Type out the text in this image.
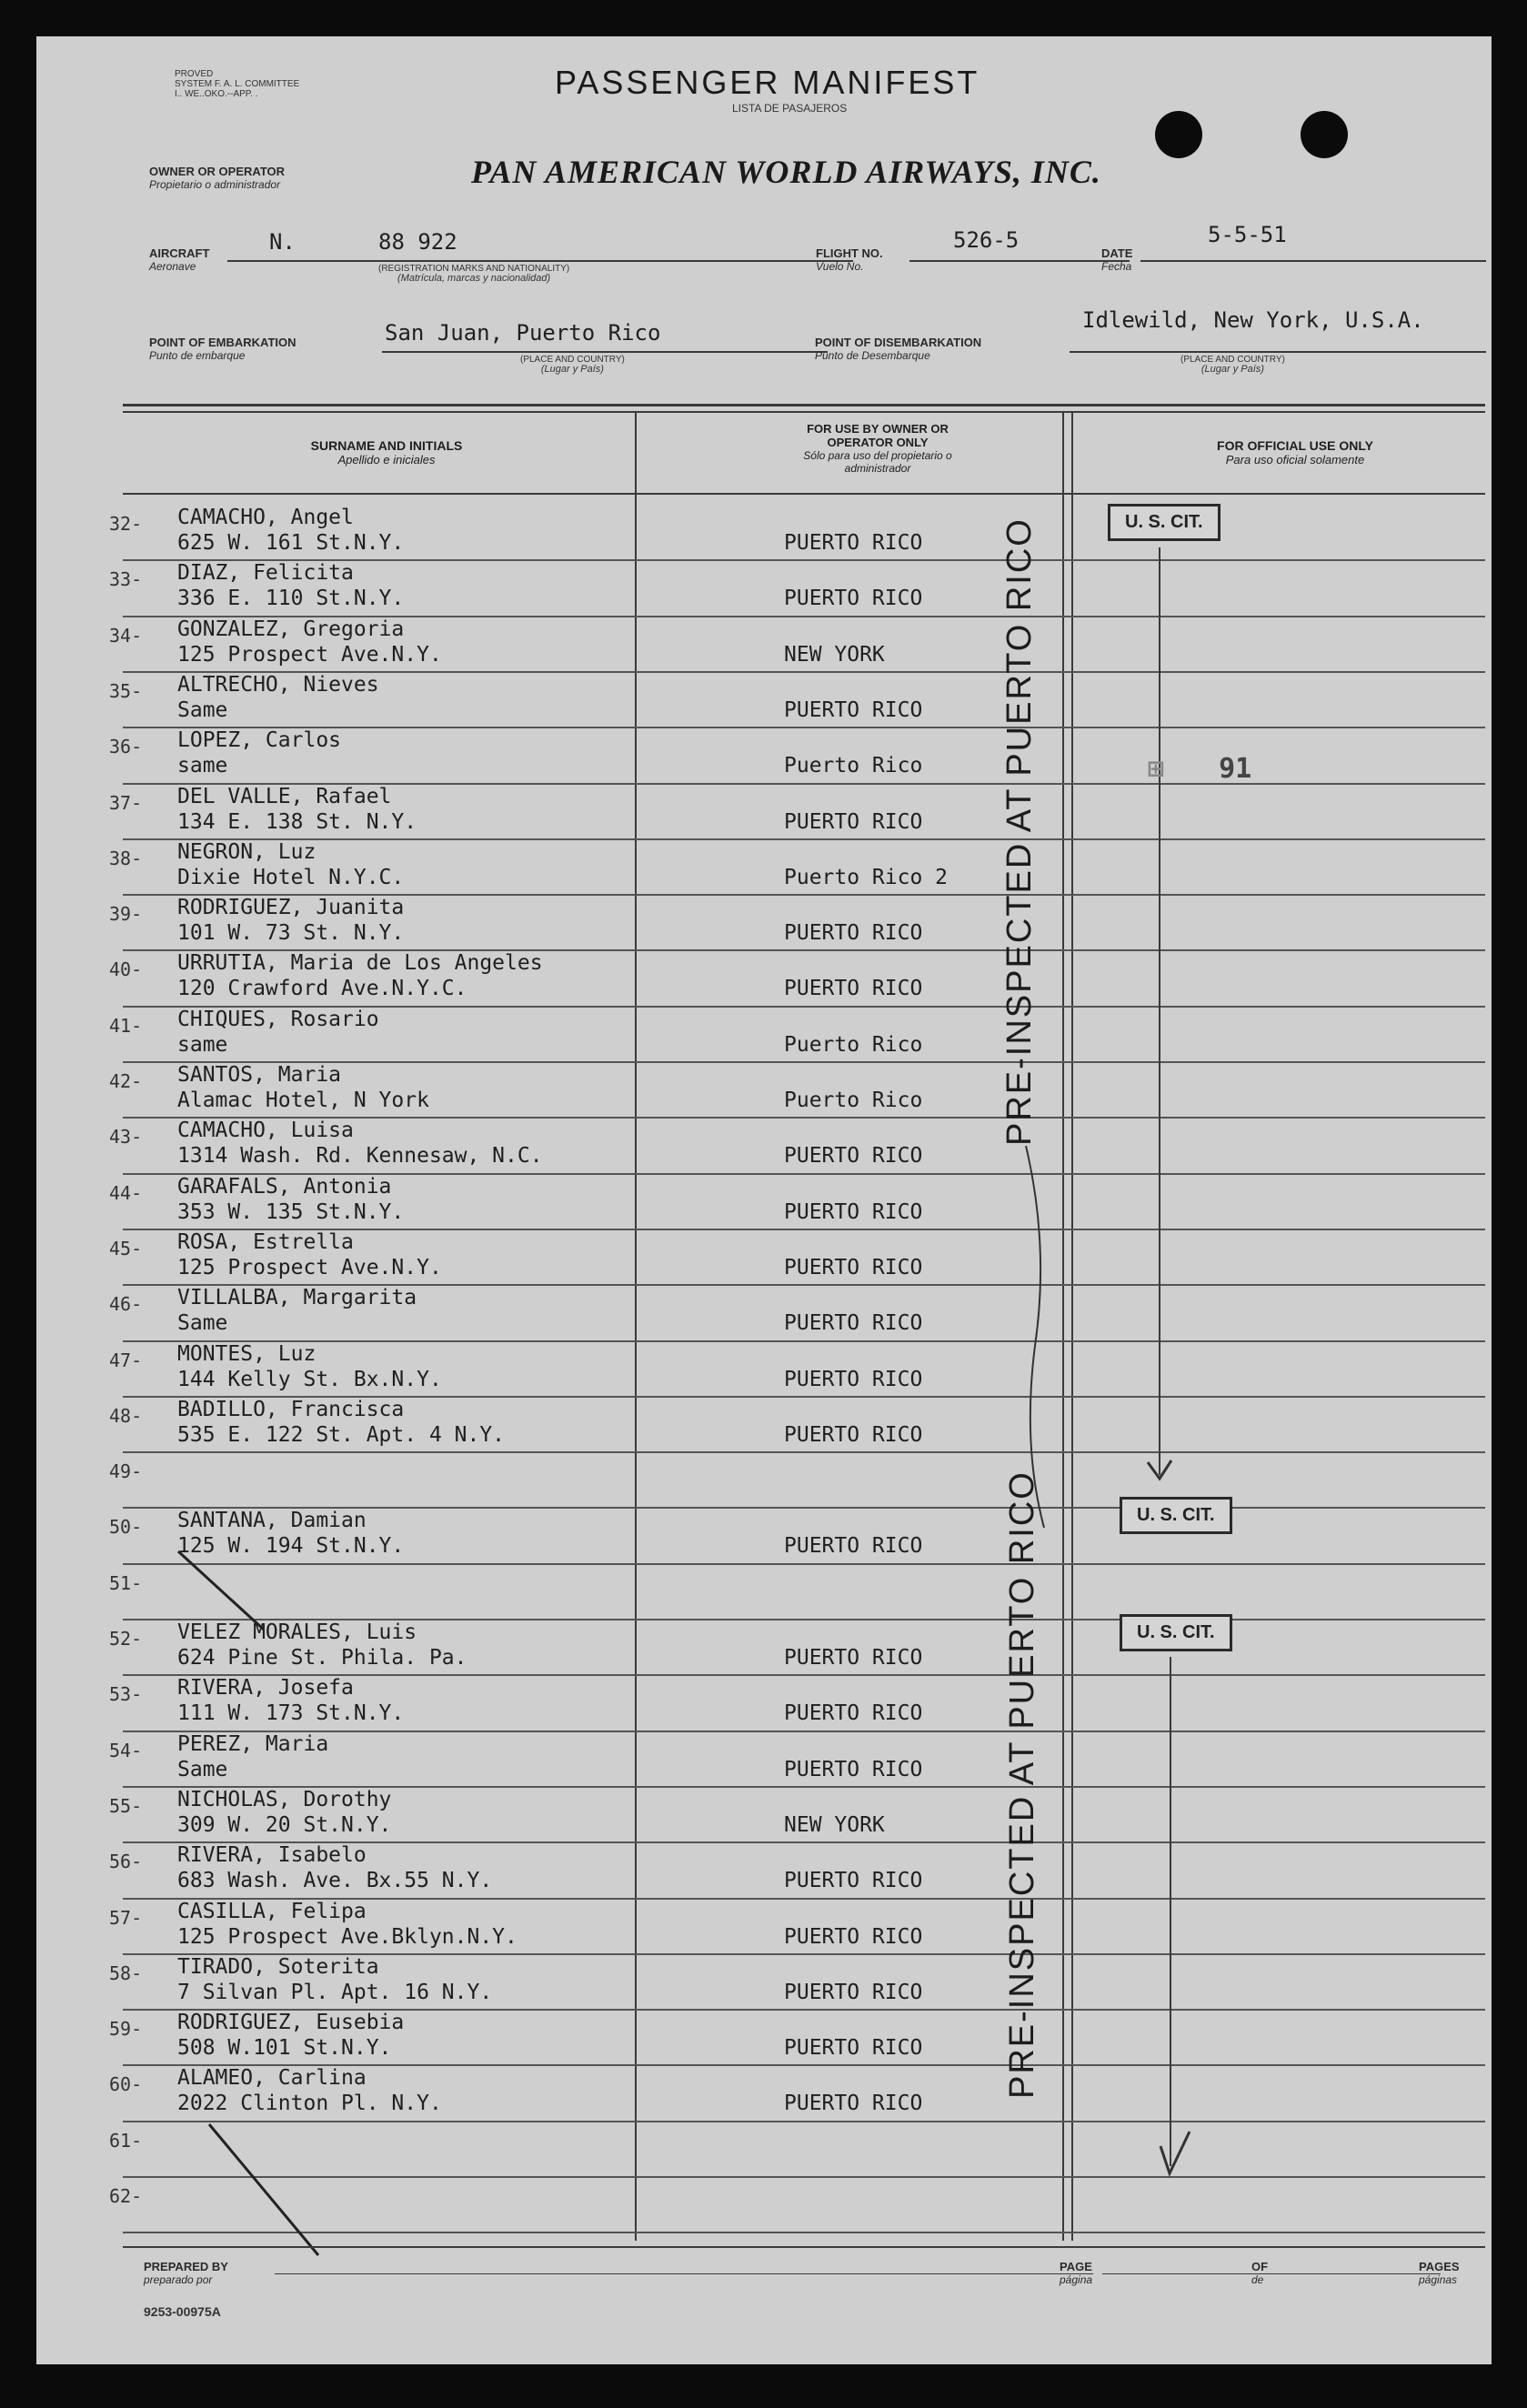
PROVED
SYSTEM F. A. L. COMMITTEE
I.. WE..OKO.--APP. .	PASSENGER MANIFEST
LISTA DE PASAJEROS
OWNER OR OPERATOR
Propietario o administrador	PAN AMERICAN WORLD AIRWAYS, INC.
AIRCRAFT
Aeronave
N.	88 922
(REGISTRATION MARKS AND NATIONALITY)
(Matrícula, marcas y nacionalidad)
FLIGHT NO.
Vuelo No.
526-5
DATE
Fecha
5-5-51
POINT OF EMBARKATION
Punto de embarque
San Juan, Puerto Rico
(PLACE AND COUNTRY)
(Lugar y País)
POINT OF DISEMBARKATION
Punto de Desembarque
Idlewild, New York, U.S.A.
(PLACE AND COUNTRY)
(Lugar y País)
SURNAME AND INITIALS
Apellido e iniciales
FOR USE BY OWNER OR OPERATOR ONLY
Sólo para uso del propietario o administrador
FOR OFFICIAL USE ONLY
Para uso oficial solamente
32-	CAMACHO, Angel
625 W. 161 St.N.Y.	PUERTO RICO
33-	DIAZ, Felicita
336 E. 110 St.N.Y.	PUERTO RICO
34-	GONZALEZ, Gregoria
125 Prospect Ave.N.Y.	NEW YORK
35-	ALTRECHO, Nieves
Same	PUERTO RICO
36-	LOPEZ, Carlos
same	Puerto Rico
37-	DEL VALLE, Rafael
134 E. 138 St. N.Y.	PUERTO RICO
38-	NEGRON, Luz
Dixie Hotel N.Y.C.	Puerto Rico 2
39-	RODRIGUEZ, Juanita
101 W. 73 St. N.Y.	PUERTO RICO
40-	URRUTIA, Maria de Los Angeles
120 Crawford Ave.N.Y.C.	PUERTO RICO
41-	CHIQUES, Rosario
same	Puerto Rico
42-	SANTOS, Maria
Alamac Hotel, N York	Puerto Rico
43-	CAMACHO, Luisa
1314 Wash. Rd. Kennesaw, N.C.	PUERTO RICO
44-	GARAFALS, Antonia
353 W. 135 St.N.Y.	PUERTO RICO
45-	ROSA, Estrella
125 Prospect Ave.N.Y.	PUERTO RICO
46-	VILLALBA, Margarita
Same	PUERTO RICO
47-	MONTES, Luz
144 Kelly St. Bx.N.Y.	PUERTO RICO
48-	BADILLO, Francisca
535 E. 122 St. Apt. 4 N.Y.	PUERTO RICO
49-
50-	SANTANA, Damian
125 W. 194 St.N.Y.	PUERTO RICO
51-
52-	VELEZ MORALES, Luis
624 Pine St. Phila. Pa.	PUERTO RICO
53-	RIVERA, Josefa
111 W. 173 St.N.Y.	PUERTO RICO
54-	PEREZ, Maria
Same	PUERTO RICO
55-	NICHOLAS, Dorothy
309 W. 20 St.N.Y.	NEW YORK
56-	RIVERA, Isabelo
683 Wash. Ave. Bx.55 N.Y.	PUERTO RICO
57-	CASILLA, Felipa
125 Prospect Ave.Bklyn.N.Y.	PUERTO RICO
58-	TIRADO, Soterita
7 Silvan Pl. Apt. 16 N.Y.	PUERTO RICO
59-	RODRIGUEZ, Eusebia
508 W.101 St.N.Y.	PUERTO RICO
60-	ALAMEO, Carlina
2022 Clinton Pl. N.Y.	PUERTO RICO
61-
62-
PRE-INSPECTED AT PUERTO RICO
PRE-INSPECTED AT PUERTO RICO
U. S. CIT.
U. S. CIT.
U. S. CIT.
⊞ 91
PREPARED BY
preparado por
PAGE
página
OF
de
PAGES
páginas
9253-00975A
